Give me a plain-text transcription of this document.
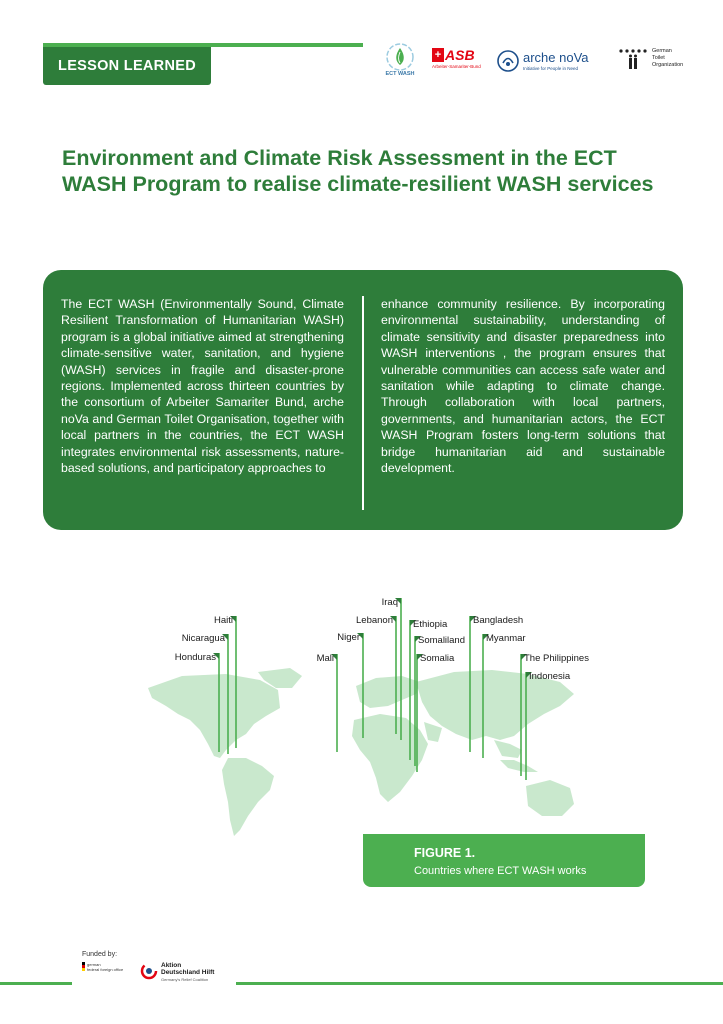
LESSON LEARNED	ECT WASH
+ ASB
Arbeiter-Samariter-Bund
arche noVa
Initiative for People in Need
German
Toilet
Organization
Environment and Climate Risk Assessment in the ECT WASH Program to realise climate-resilient WASH services
The ECT WASH (Environmentally Sound, Climate Resilient Transformation of Humanitarian WASH) program is a global initiative aimed at strengthening climate-sensitive water, sanitation, and hygiene (WASH) services in fragile and disaster-prone regions. Implemented across thirteen countries by the consortium of Arbeiter Samariter Bund, arche noVa and German Toilet Organisation, together with local partners in the countries, the ECT WASH integrates environmental risk assessments, nature-based solutions, and participatory approaches to
enhance community resilience. By incorporating environmental sustainability, understanding of climate sensitivity and disaster preparedness into WASH interventions , the program ensures that vulnerable communities can access safe water and sanitation while adapting to climate change. Through collaboration with local partners, governments, and humanitarian actors, the ECT WASH Program fosters long-term solutions that bridge humanitarian aid and sustainable development.
Haiti
Nicaragua
Honduras
Niger
Mali
Lebanon
Iraq
Ethiopia
Somaliland
Somalia
Bangladesh
Myanmar
The Philippines
Indonesia
FIGURE 1.
Countries where ECT WASH works
Funded by:
german
federal foreign office
Aktion
Deutschland Hilft
Germany's Relief Coalition
